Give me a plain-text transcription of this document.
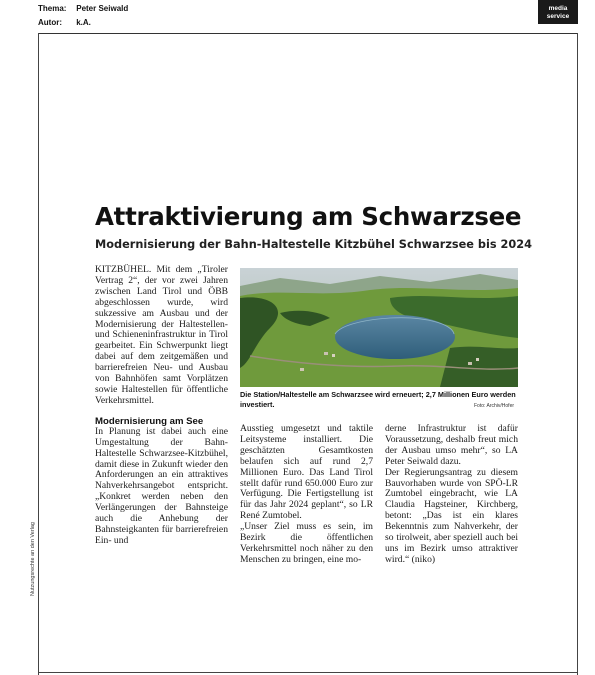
Thema: Peter Seiwald
Autor: k.A.
media
service
Nutzungsrechte an den Verlag
Attraktivierung am Schwarzsee
Modernisierung der Bahn-Haltestelle Kitzbühel Schwarzsee bis 2024

KITZBÜHEL. Mit dem „Tiroler Vertrag 2“, der vor zwei Jahren zwischen Land Tirol und ÖBB abgeschlossen wurde, wird sukzessive am Ausbau und der Modernisierung der Haltestellen- und Schieneninfrastruktur in Tirol gearbeitet. Ein Schwerpunkt liegt dabei auf dem zeitgemäßen und barrierefreien Neu- und Ausbau von Bahnhöfen samt Vorplätzen sowie Haltestellen für öffentliche Verkehrsmittel.

Modernisierung am See

In Planung ist dabei auch eine Umgestaltung der Bahn-Haltestelle Schwarzsee-Kitzbühel, damit diese in Zukunft wieder den Anforderungen an ein attraktives Nahverkehrsangebot entspricht. „Konkret werden neben den Verlängerungen der Bahnsteige auch die Anhebung der Bahnsteigkanten für barrierefreien Ein- und

Die Station/Haltestelle am Schwarzsee wird erneuert; 2,7 Millionen Euro werden investiert.	Foto: Archiv/Hofer

Ausstieg umgesetzt und taktile Leitsysteme installiert. Die geschätzten Gesamtkosten belaufen sich auf rund 2,7 Millionen Euro. Das Land Tirol stellt dafür rund 650.000 Euro zur Verfügung. Die Fertigstellung ist für das Jahr 2024 geplant“, so LR René Zumtobel.

„Unser Ziel muss es sein, im Bezirk die öffentlichen Verkehrsmittel noch näher zu den Menschen zu bringen, eine mo-

derne Infrastruktur ist dafür Voraussetzung, deshalb freut mich der Ausbau umso mehr“, so LA Peter Seiwald dazu.

Der Regierungsantrag zu diesem Bauvorhaben wurde von SPÖ-LR Zumtobel eingebracht, wie LA Claudia Hagsteiner, Kirchberg, betont: „Das ist ein klares Bekenntnis zum Nahverkehr, der so tirolweit, aber speziell auch bei uns im Bezirk umso attraktiver wird.“ (niko)
